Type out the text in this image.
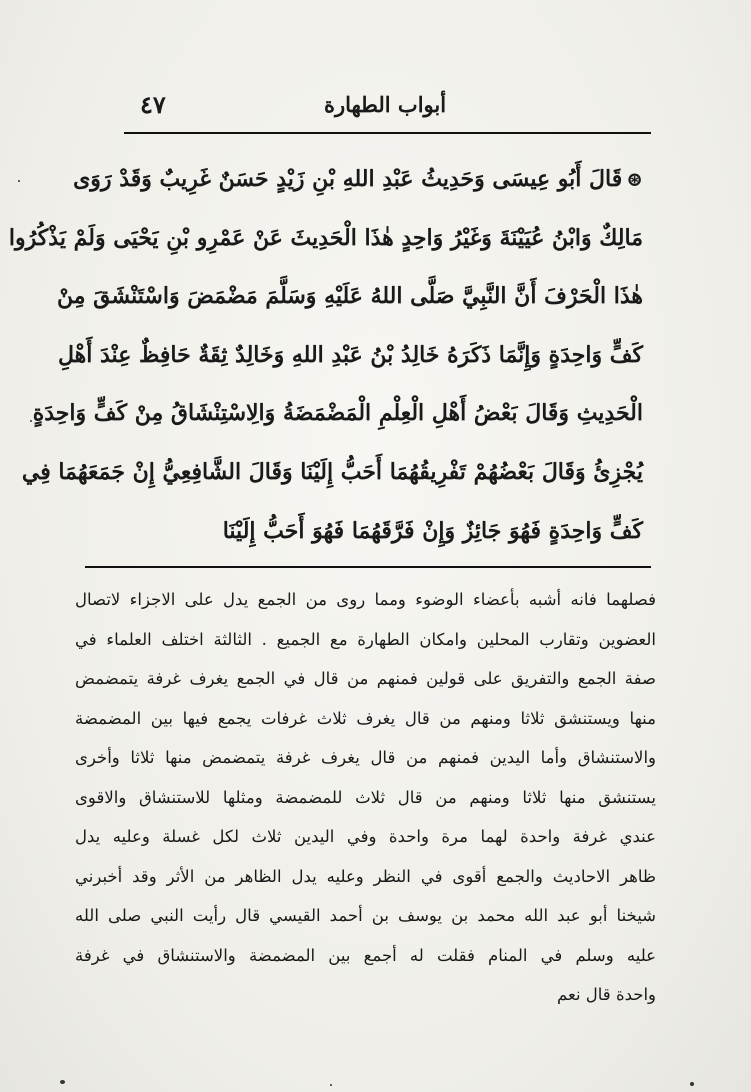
أبواب الطهارة
٤٧
⊛قَالَ أَبُو عِيسَى وَحَدِيثُ عَبْدِ اللهِ بْنِ زَيْدٍ حَسَنٌ غَرِيبٌ وَقَدْ رَوَى
مَالِكٌ وَابْنُ عُيَيْنَةَ وَغَيْرُ وَاحِدٍ هٰذَا الْحَدِيثَ عَنْ عَمْرِو بْنِ يَحْيَى وَلَمْ يَذْكُرُوا
هٰذَا الْحَرْفَ أَنَّ النَّبِيَّ صَلَّى اللهُ عَلَيْهِ وَسَلَّمَ مَضْمَضَ وَاسْتَنْشَقَ مِنْ
كَفٍّ وَاحِدَةٍ وَإِنَّمَا ذَكَرَهُ خَالِدُ بْنُ عَبْدِ اللهِ وَخَالِدٌ ثِقَةٌ حَافِظٌ عِنْدَ أَهْلِ
الْحَدِيثِ وَقَالَ بَعْضُ أَهْلِ الْعِلْمِ الْمَضْمَضَةُ وَالِاسْتِنْشَاقُ مِنْ كَفٍّ وَاحِدَةٍ
يُجْزِئُ وَقَالَ بَعْضُهُمْ تَفْرِيقُهُمَا أَحَبُّ إِلَيْنَا وَقَالَ الشَّافِعِيُّ إِنْ جَمَعَهُمَا فِي
كَفٍّ وَاحِدَةٍ فَهُوَ جَائِزٌ وَإِنْ فَرَّقَهُمَا فَهُوَ أَحَبُّ إِلَيْنَا
فصلهما فانه أشبه بأعضاء الوضوء ومما روى من الجمع يدل على الاجزاء لاتصال
العضوين وتقارب المحلين وامكان الطهارة مع الجميع . الثالثة اختلف العلماء في
صفة الجمع والتفريق على قولين فمنهم من قال في الجمع يغرف غرفة يتمضمض
منها ويستنشق ثلاثا ومنهم من قال يغرف ثلاث غرفات يجمع فيها بين المضمضة
والاستنشاق وأما اليدين فمنهم من قال يغرف غرفة يتمضمض منها ثلاثا وأخرى
يستنشق منها ثلاثا ومنهم من قال ثلاث للمضمضة ومثلها للاستنشاق والاقوى
عندي غرفة واحدة لهما مرة واحدة وفي اليدين ثلاث لكل غسلة وعليه يدل
ظاهر الاحاديث والجمع أقوى في النظر وعليه يدل الظاهر من الأثر وقد أخبرني
شيخنا أبو عبد الله محمد بن يوسف بن أحمد القيسي قال رأيت النبي صلى الله
عليه وسلم في المنام فقلت له أجمع بين المضمضة والاستنشاق في غرفة
واحدة قال نعم
